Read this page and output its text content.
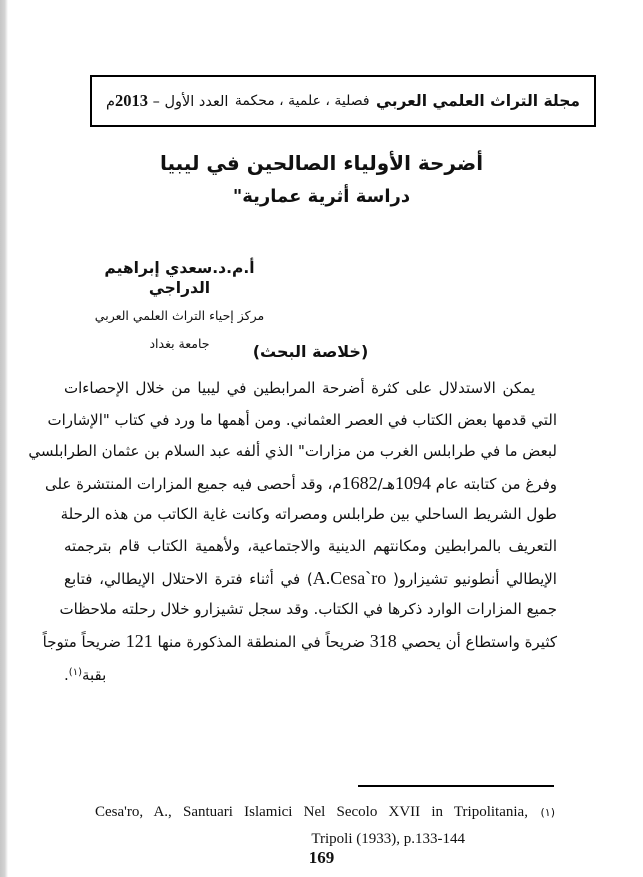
مجلة التراث العلمي العربي
فصلية ، علمية ، محكمة
العدد الأول – 2013م
أضرحة الأولياء الصالحين في ليبيا
دراسة أثرية عمارية"
أ.م.د.سعدي إبراهيم الدراجي
مركز إحياء التراث العلمي العربي
جامعة بغداد	(خلاصة البحث)
يمكن الاستدلال على كثرة أضرحة المرابطين في ليبيا من خلال الإحصاءات
التي قدمها بعض الكتاب في العصر العثماني. ومن أهمها ما ورد في كتاب "الإشارات
لبعض ما في طرابلس الغرب من مزارات" الذي ألفه عبد السلام بن عثمان الطرابلسي
وفرغ من كتابته عام 1094هـ/1682م، وقد أحصى فيه جميع المزارات المنتشرة على
طول الشريط الساحلي بين طرابلس ومصراته وكانت غاية الكاتب من هذه الرحلة
التعريف بالمرابطين ومكانتهم الدينية والاجتماعية، ولأهمية الكتاب قام بترجمته
الإيطالي أنطونيو تشيزارو( A.Cesa`ro) في أثناء فترة الاحتلال الإيطالي، فتابع
جميع المزارات الوارد ذكرها في الكتاب. وقد سجل تشيزارو خلال رحلته ملاحظات
كثيرة واستطاع أن يحصي 318 ضريحاً في المنطقة المذكورة منها 121 ضريحاً متوجاً
بقبة$^{(١)}$.
(١) Cesa'ro, A., Santuari Islamici Nel Secolo XVII in Tripolitania,
Tripoli (1933), p.133-144
169
